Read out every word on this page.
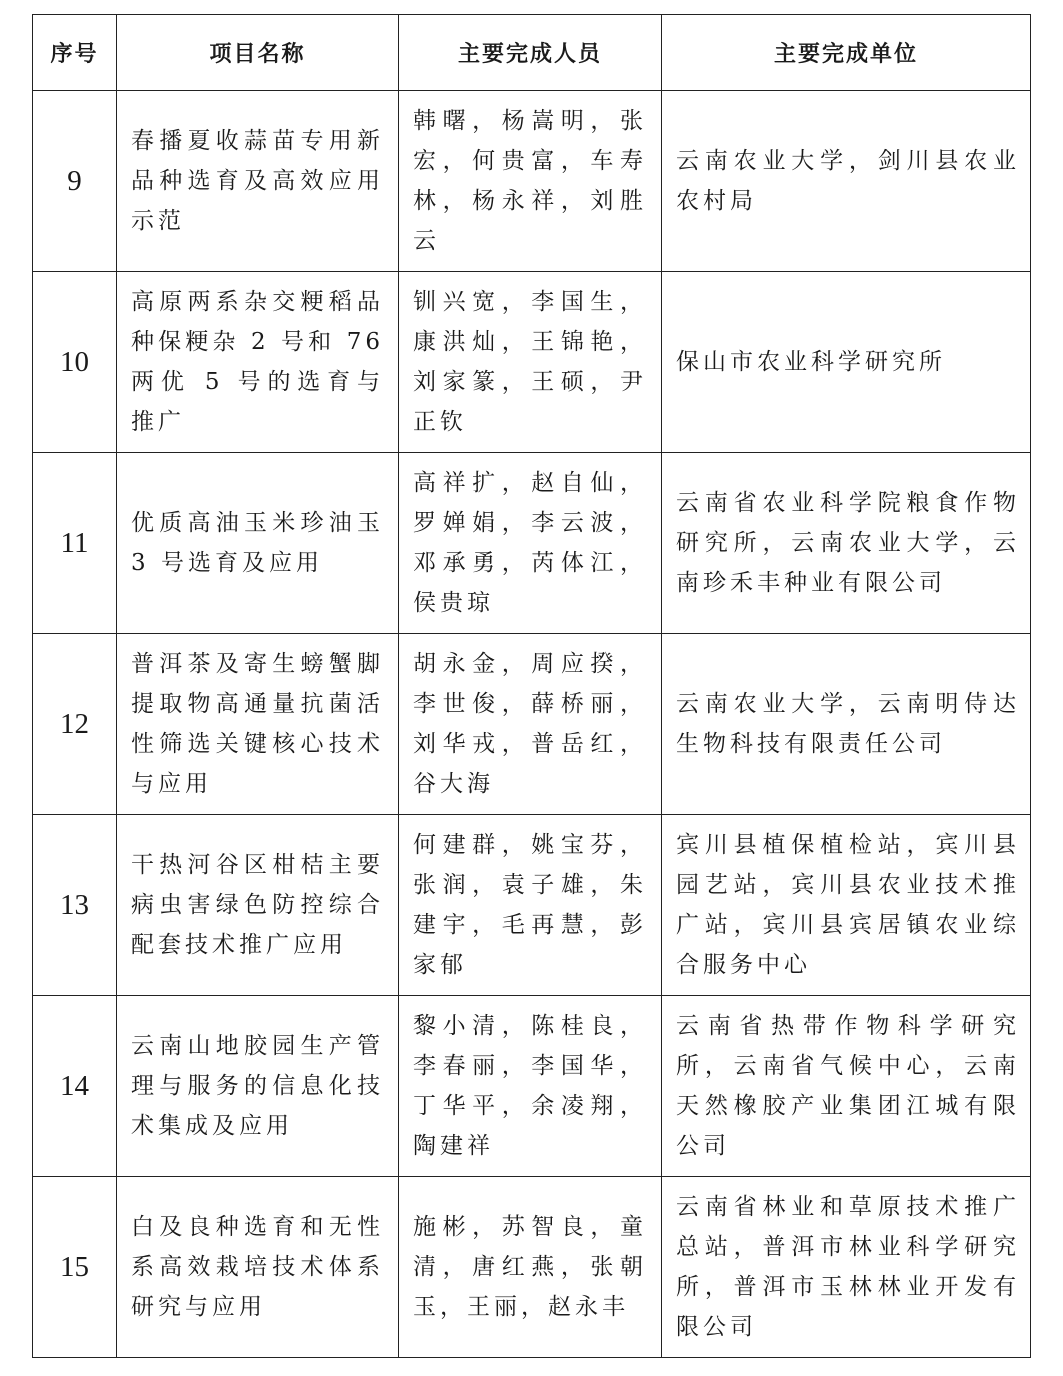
序号	项目名称	主要完成人员	主要完成单位
9	春播夏收蒜苗专用新品种选育及高效应用示范	韩曙，杨嵩明，张宏，何贵富，车寿林，杨永祥，刘胜云	云南农业大学，剑川县农业农村局

10	高原两系杂交粳稻品种保粳杂 2 号和 76 两优 5 号的选育与推广	钏兴宽，李国生，康洪灿，王锦艳，刘家篆，王硕，尹正钦	保山市农业科学研究所

11	优质高油玉米珍油玉 3 号选育及应用	高祥扩，赵自仙，罗婵娟，李云波，邓承勇，芮体江，侯贵琼	云南省农业科学院粮食作物研究所，云南农业大学，云南珍禾丰种业有限公司

12	普洱茶及寄生螃蟹脚提取物高通量抗菌活性筛选关键核心技术与应用	胡永金，周应揆，李世俊，薛桥丽，刘华戎，普岳红，谷大海	云南农业大学，云南明侍达生物科技有限责任公司

13	干热河谷区柑桔主要病虫害绿色防控综合配套技术推广应用	何建群，姚宝芬，张润，袁子雄，朱建宇，毛再慧，彭家郁	宾川县植保植检站，宾川县园艺站，宾川县农业技术推广站，宾川县宾居镇农业综合服务中心

14	云南山地胶园生产管理与服务的信息化技术集成及应用	黎小清，陈桂良，李春丽，李国华，丁华平，余凌翔，陶建祥	云南省热带作物科学研究所，云南省气候中心，云南天然橡胶产业集团江城有限公司

15	白及良种选育和无性系高效栽培技术体系研究与应用	施彬，苏智良，童清，唐红燕，张朝玉，王丽，赵永丰	云南省林业和草原技术推广总站，普洱市林业科学研究所，普洱市玉林林业开发有限公司
